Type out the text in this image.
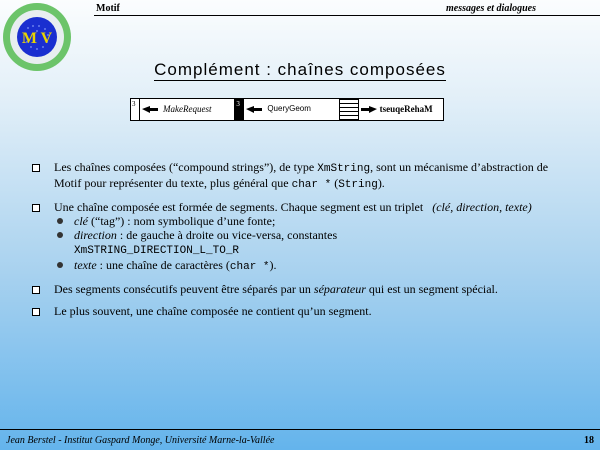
M V
Motif	messages et dialogues
Complément : chaînes composées
3	MakeRequest	3	QueryGeom	tseuqeRehaM
Les chaînes composées (“compound strings”), de type XmString, sont un mécanisme d’abstraction de Motif pour représenter du texte, plus général que char * (String).
Une chaîne composée est formée de segments. Chaque segment est un triplet (clé, direction, texte)
clé (“tag”) : nom symbolique d’une fonte;
direction : de gauche à droite ou vice-versa, constantes
XmSTRING_DIRECTION_L_TO_R
texte : une chaîne de caractères (char *).
Des segments consécutifs peuvent être séparés par un séparateur qui est un segment spécial.
Le plus souvent, une chaîne composée ne contient qu’un segment.
Jean Berstel - Institut Gaspard Monge, Université Marne-la-Vallée	18
